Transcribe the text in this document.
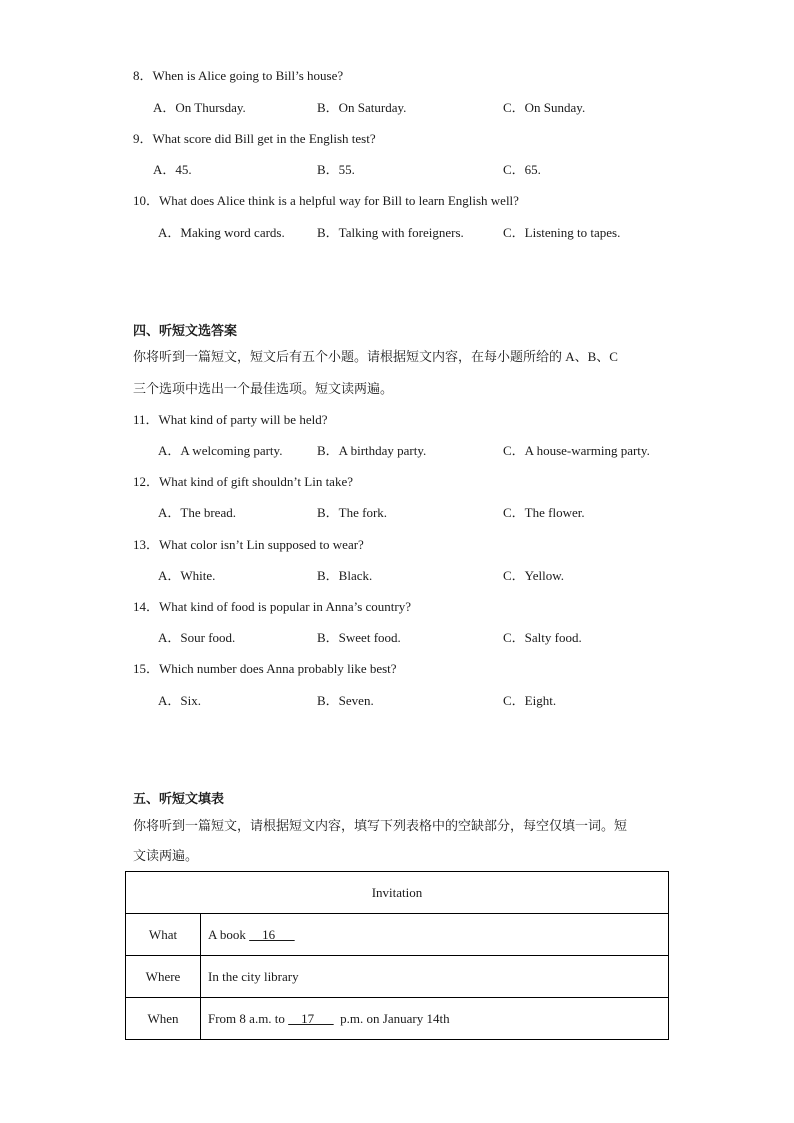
8．When is Alice going to Bill’s house?
A．On Thursday.	B．On Saturday.	C．On Sunday.
9．What score did Bill get in the English test?
A．45.	B．55.	C．65.
10．What does Alice think is a helpful way for Bill to learn English well?
A．Making word cards. B．Talking with foreigners.	C．Listening to tapes.
四、听短文选答案
你将听到一篇短文，短文后有五个小题。请根据短文内容，在每小题所给的 A、B、C
三个选项中选出一个最佳选项。短文读两遍。
11．What kind of party will be held?
A．A welcoming party.	B．A birthday party.	C．A house-warming party.
12．What kind of gift shouldn’t Lin take?
A．The bread.	B．The fork.	C．The flower.
13．What color isn’t Lin supposed to wear?
A．White.	B．Black.	C．Yellow.
14．What kind of food is popular in Anna’s country?
A．Sour food.	B．Sweet food.	C．Salty food.
15．Which number does Anna probably like best?
A．Six.	B．Seven.	C．Eight.
五、听短文填表
你将听到一篇短文，请根据短文内容，填写下列表格中的空缺部分，每空仅填一词。短
文读两遍。
Invitation	
What	A book     16
Where	In the city library
When	From 8 a.m. to     17        p.m. on January 14th
